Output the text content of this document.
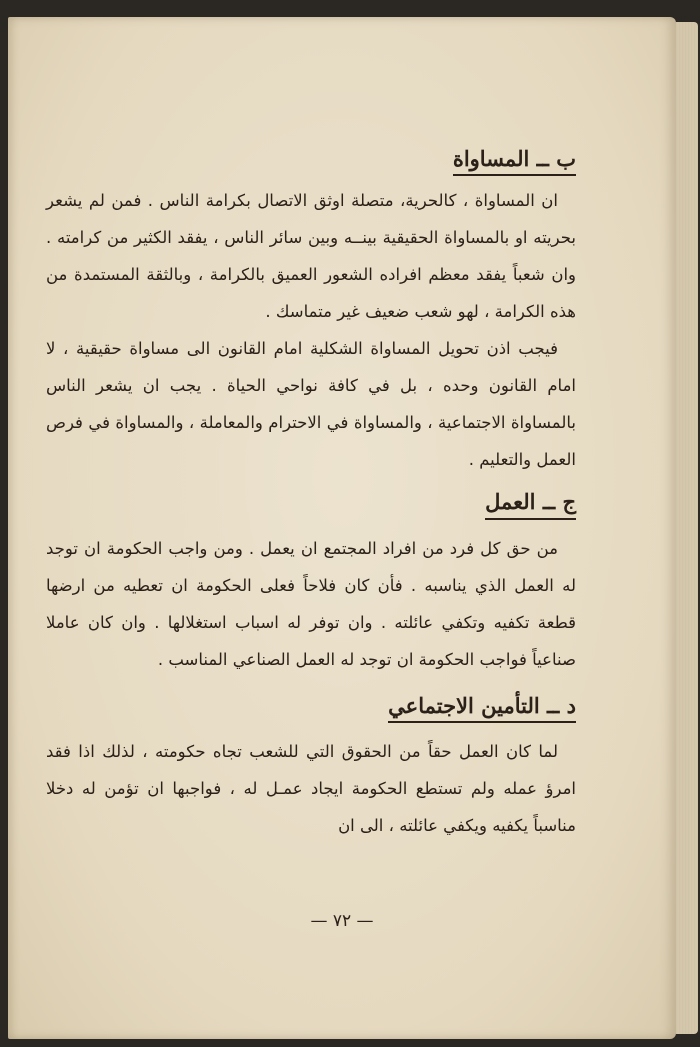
ب ــ المساواة

ان المساواة ، كالحرية، متصلة اوثق الاتصال بكرامة الناس . فمن لم يشعر بحريته او بالمساواة الحقيقية بينــه وبين سائر الناس ، يفقد الكثير من كرامته . وان شعباً يفقد معظم افراده الشعور العميق بالكرامة ، وبالثقة المستمدة من هذه الكرامة ، لهو شعب ضعيف غير متماسك .

فيجب اذن تحويل المساواة الشكلية امام القانون الى مساواة حقيقية ، لا امام القانون وحده ، بل في كافة نواحي الحياة . يجب ان يشعر الناس بالمساواة الاجتماعية ، والمساواة في الاحترام والمعاملة ، والمساواة في فرص العمل والتعليم .

ج ــ العمل

من حق كل فرد من افراد المجتمع ان يعمل . ومن واجب الحكومة ان توجد له العمل الذي يناسبه . فأن كان فلاحاً فعلى الحكومة ان تعطيه من ارضها قطعة تكفيه وتكفي عائلته . وان توفر له اسباب استغلالها . وان كان عاملا صناعياً فواجب الحكومة ان توجد له العمل الصناعي المناسب .

د ــ التأمين الاجتماعي

لما كان العمل حقاً من الحقوق التي للشعب تجاه حكومته ، لذلك اذا فقد امرؤ عمله ولم تستطع الحكومة ايجاد عمـل له ، فواجبها ان تؤمن له دخلا مناسباً يكفيه ويكفي عائلته ، الى ان

— ٧٢ —
